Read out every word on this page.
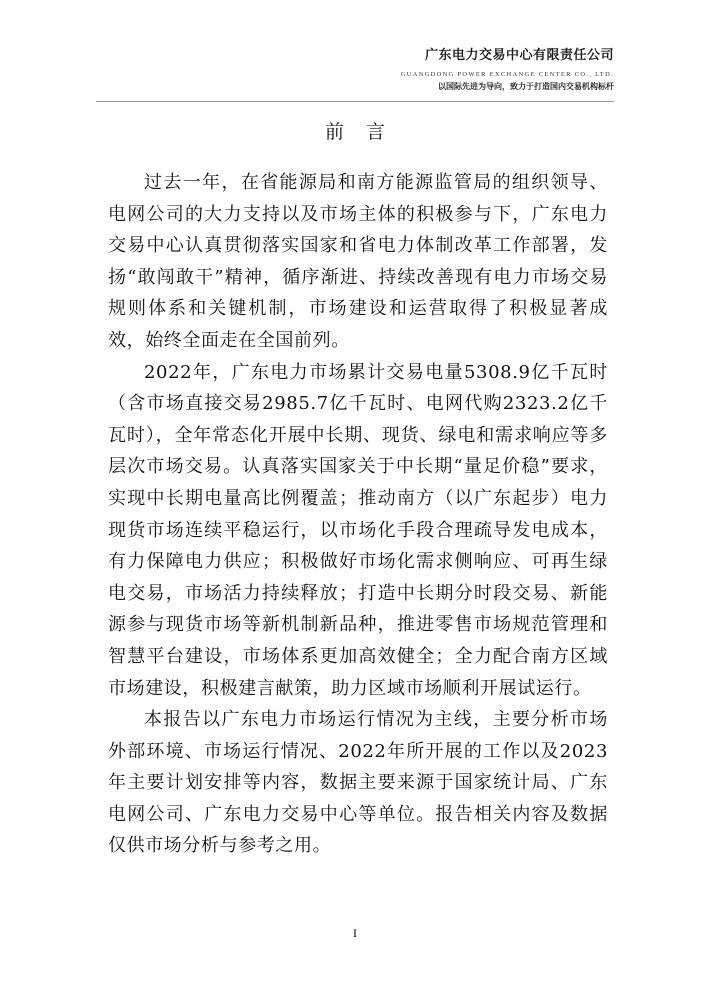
广东电力交易中心有限责任公司
GUANGDONG POWER EXCHANGE CENTER CO., LTD.
以国际先进为导向，致力于打造国内交易机构标杆
前言

过去一年，在省能源局和南方能源监管局的组织领导、电网公司的大力支持以及市场主体的积极参与下，广东电力交易中心认真贯彻落实国家和省电力体制改革工作部署，发扬“敢闯敢干”精神，循序渐进、持续改善现有电力市场交易规则体系和关键机制，市场建设和运营取得了积极显著成效，始终全面走在全国前列。

2022年，广东电力市场累计交易电量5308.9亿千瓦时（含市场直接交易2985.7亿千瓦时、电网代购2323.2亿千瓦时），全年常态化开展中长期、现货、绿电和需求响应等多层次市场交易。认真落实国家关于中长期“量足价稳”要求，实现中长期电量高比例覆盖；推动南方（以广东起步）电力现货市场连续平稳运行，以市场化手段合理疏导发电成本，有力保障电力供应；积极做好市场化需求侧响应、可再生绿电交易，市场活力持续释放；打造中长期分时段交易、新能源参与现货市场等新机制新品种，推进零售市场规范管理和智慧平台建设，市场体系更加高效健全；全力配合南方区域市场建设，积极建言献策，助力区域市场顺利开展试运行。

本报告以广东电力市场运行情况为主线，主要分析市场外部环境、市场运行情况、2022年所开展的工作以及2023年主要计划安排等内容，数据主要来源于国家统计局、广东电网公司、广东电力交易中心等单位。报告相关内容及数据仅供市场分析与参考之用。

I
